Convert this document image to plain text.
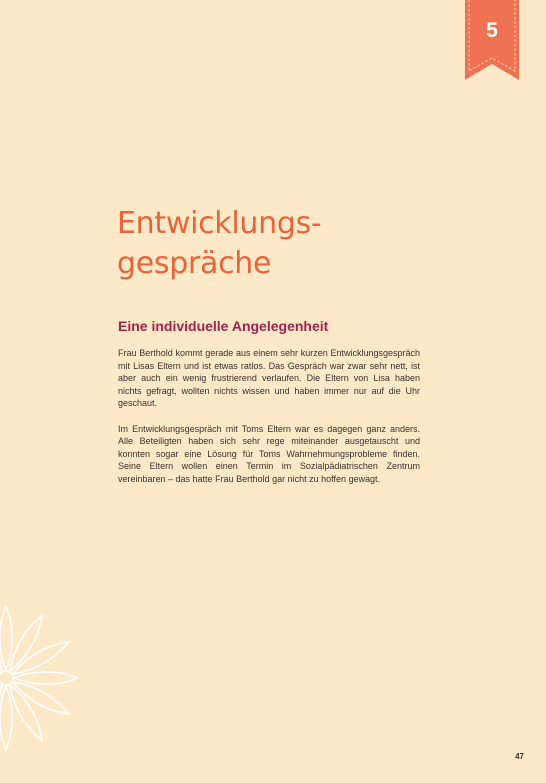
5
Entwicklungs-
gespräche
Eine individuelle Angelegenheit

Frau Berthold kommt gerade aus einem sehr kurzen Entwicklungsgespräch mit Lisas Eltern und ist etwas ratlos. Das Gespräch war zwar sehr nett, ist aber auch ein wenig frustrierend verlaufen. Die Eltern von Lisa haben nichts gefragt, wollten nichts wissen und haben immer nur auf die Uhr geschaut.

Im Entwicklungsgespräch mit Toms Eltern war es dagegen ganz anders. Alle Beteiligten haben sich sehr rege miteinander ausgetauscht und konnten sogar eine Lösung für Toms Wahrnehmungsprobleme finden. Seine Eltern wollen einen Termin im Sozialpädiatrischen Zentrum vereinbaren – das hatte Frau Berthold gar nicht zu hoffen gewagt.

47
